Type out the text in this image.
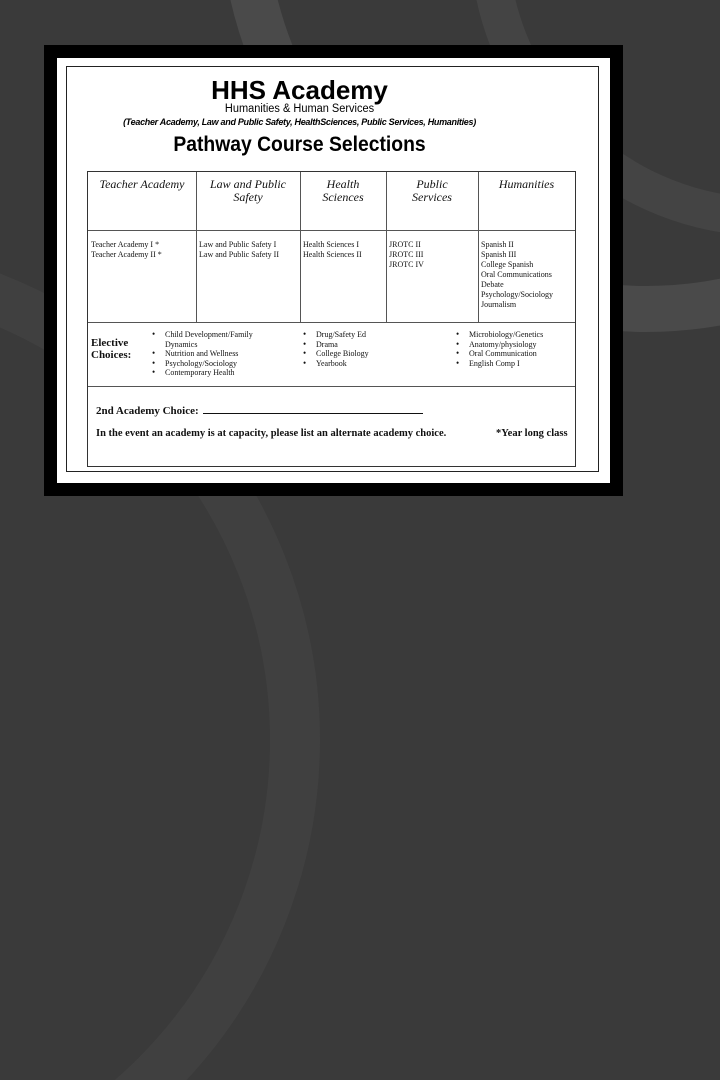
HHS Academy
Humanities & Human Services
(Teacher Academy, Law and Public Safety, HealthSciences, Public Services, Humanities)
Pathway Course Selections
Teacher Academy	Law and Public
Safety
Health
Sciences
Public
Services
Humanities
Teacher Academy I *
Teacher Academy II *
Law and Public Safety I
Law and Public Safety II
Health Sciences I
Health Sciences II
JROTC II
JROTC III
JROTC IV
Spanish II
Spanish III
College Spanish
Oral Communications
Debate
Psychology/Sociology
Journalism
Elective
Choices:
• Child Development/Family
Dynamics
• Nutrition and Wellness
• Psychology/Sociology
• Contemporary Health
• Drug/Safety Ed
• Drama
• College Biology
• Yearbook
• Microbiology/Genetics
• Anatomy/physiology
• Oral Communication
• English Comp I
2nd Academy Choice:
In the event an academy is at capacity, please list an alternate academy choice.	*Year long class
